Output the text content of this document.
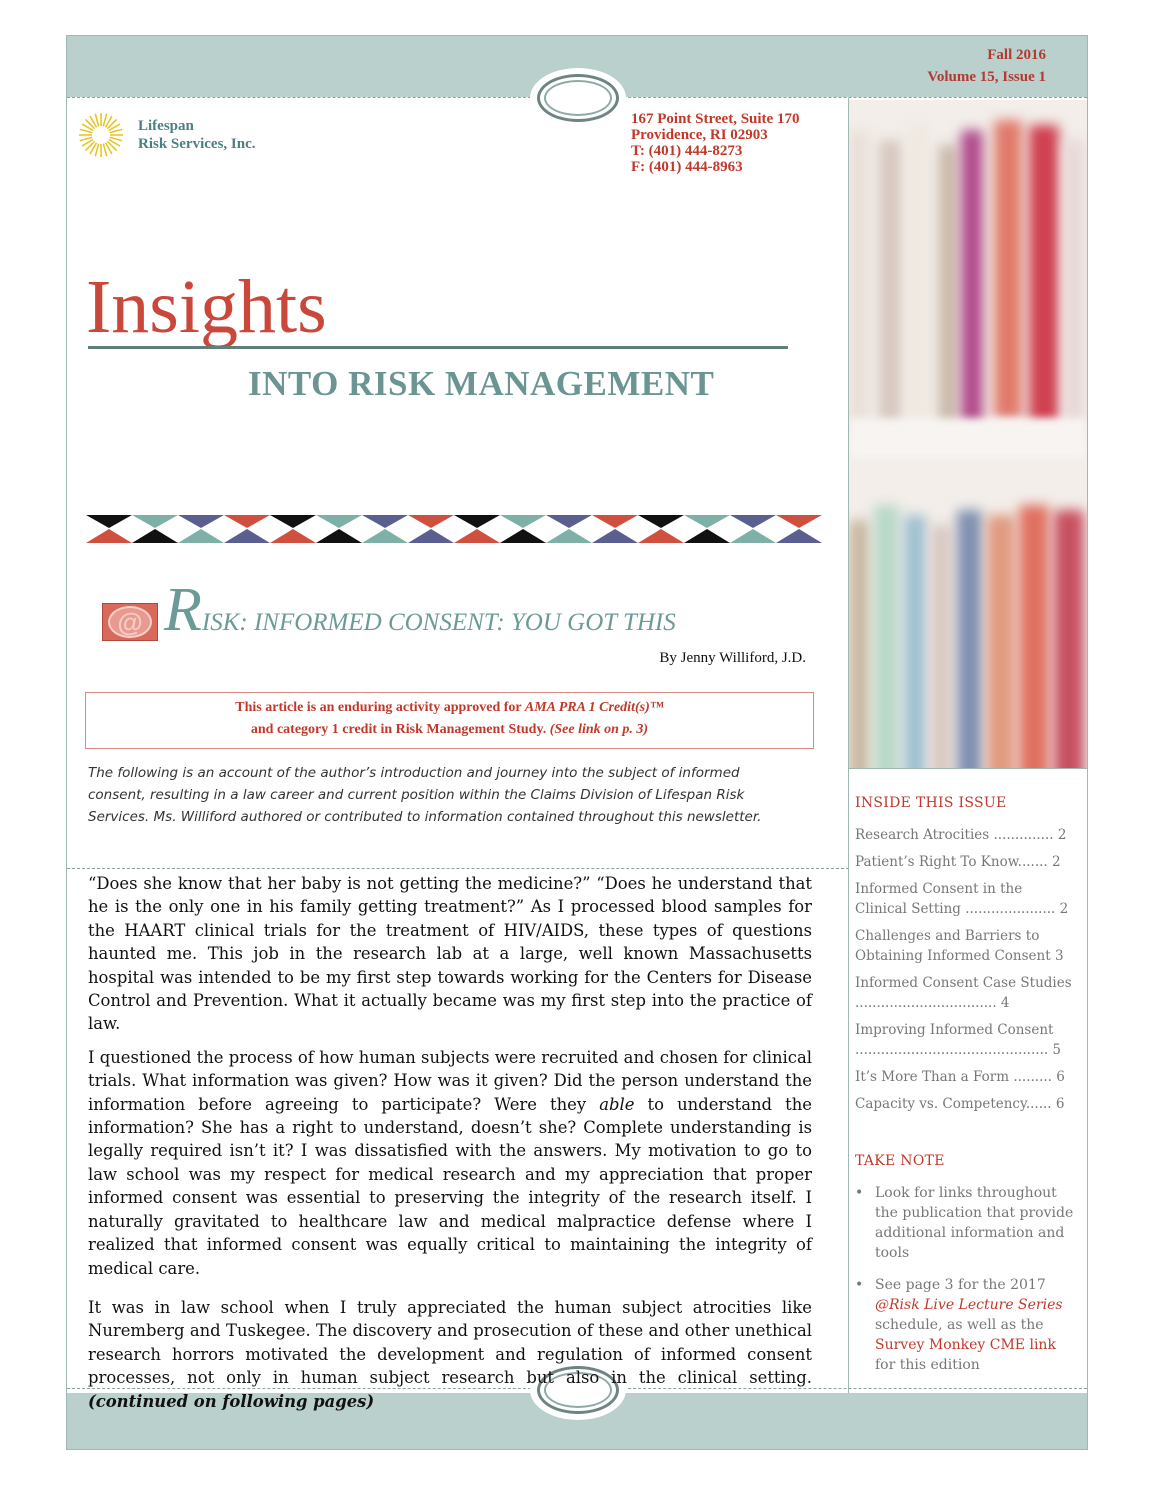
Fall 2016
Volume 15, Issue 1
Lifespan
Risk Services, Inc.
167 Point Street, Suite 170
Providence, RI 02903
T: (401) 444-8273
F: (401) 444-8963
Insights
INTO RISK MANAGEMENT
@ RISK: INFORMED CONSENT: YOU GOT THIS
By Jenny Williford, J.D.
This article is an enduring activity approved for AMA PRA 1 Credit(s)™
and category 1 credit in Risk Management Study. (See link on p. 3)
The following is an account of the author’s introduction and journey into the subject of informed consent, resulting in a law career and current position within the Claims Division of Lifespan Risk Services. Ms. Williford authored or contributed to information contained throughout this newsletter.

“Does she know that her baby is not getting the medicine?” “Does he understand that he is the only one in his family getting treatment?” As I processed blood samples for the HAART clinical trials for the treatment of HIV/AIDS, these types of questions haunted me. This job in the research lab at a large, well known Massachusetts hospital was intended to be my first step towards working for the Centers for Disease Control and Prevention. What it actually became was my first step into the practice of law.

I questioned the process of how human subjects were recruited and chosen for clinical trials. What information was given? How was it given? Did the person understand the information before agreeing to participate? Were they able to understand the information? She has a right to understand, doesn’t she? Complete understanding is legally required isn’t it? I was dissatisfied with the answers. My motivation to go to law school was my respect for medical research and my appreciation that proper informed consent was essential to preserving the integrity of the research itself. I naturally gravitated to healthcare law and medical malpractice defense where I realized that informed consent was equally critical to maintaining the integrity of medical care.

It was in law school when I truly appreciated the human subject atrocities like Nuremberg and Tuskegee. The discovery and prosecution of these and other unethical research horrors motivated the development and regulation of informed consent processes, not only in human subject research but also in the clinical setting. (continued on following pages)

INSIDE THIS ISSUE
Research Atrocities .............. 2
Patient’s Right To Know....... 2
Informed Consent in the Clinical Setting ..................... 2
Challenges and Barriers to Obtaining Informed Consent 3
Informed Consent Case Studies ................................. 4
Improving Informed Consent ............................................. 5
It’s More Than a Form ......... 6
Capacity vs. Competency...... 6
TAKE NOTE
• Look for links throughout the publication that provide additional information and tools
• See page 3 for the 2017 @Risk Live Lecture Series schedule, as well as the Survey Monkey CME link for this edition
